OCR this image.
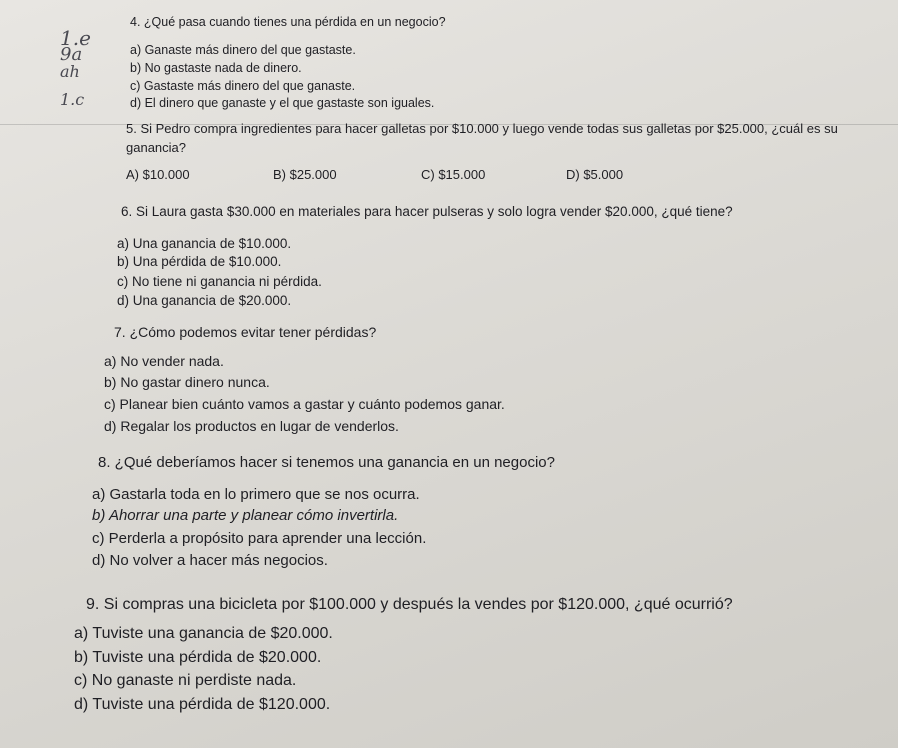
1.e
9a
ah
1.c
4. ¿Qué pasa cuando tienes una pérdida en un negocio?
a) Ganaste más dinero del que gastaste.
b) No gastaste nada de dinero.
c) Gastaste más dinero del que ganaste.
d) El dinero que ganaste y el que gastaste son iguales.
5. Si Pedro compra ingredientes para hacer galletas por $10.000 y luego vende todas sus galletas por $25.000, ¿cuál es su
ganancia?
A) $10.000	B) $25.000	C) $15.000	D) $5.000
6. Si Laura gasta $30.000 en materiales para hacer pulseras y solo logra vender $20.000, ¿qué tiene?
a) Una ganancia de $10.000.
b) Una pérdida de $10.000.
c) No tiene ni ganancia ni pérdida.
d) Una ganancia de $20.000.
7. ¿Cómo podemos evitar tener pérdidas?
a) No vender nada.
b) No gastar dinero nunca.
c) Planear bien cuánto vamos a gastar y cuánto podemos ganar.
d) Regalar los productos en lugar de venderlos.
8. ¿Qué deberíamos hacer si tenemos una ganancia en un negocio?
a) Gastarla toda en lo primero que se nos ocurra.
b) Ahorrar una parte y planear cómo invertirla.
c) Perderla a propósito para aprender una lección.
d) No volver a hacer más negocios.
9. Si compras una bicicleta por $100.000 y después la vendes por $120.000, ¿qué ocurrió?
a) Tuviste una ganancia de $20.000.
b) Tuviste una pérdida de $20.000.
c) No ganaste ni perdiste nada.
d) Tuviste una pérdida de $120.000.
